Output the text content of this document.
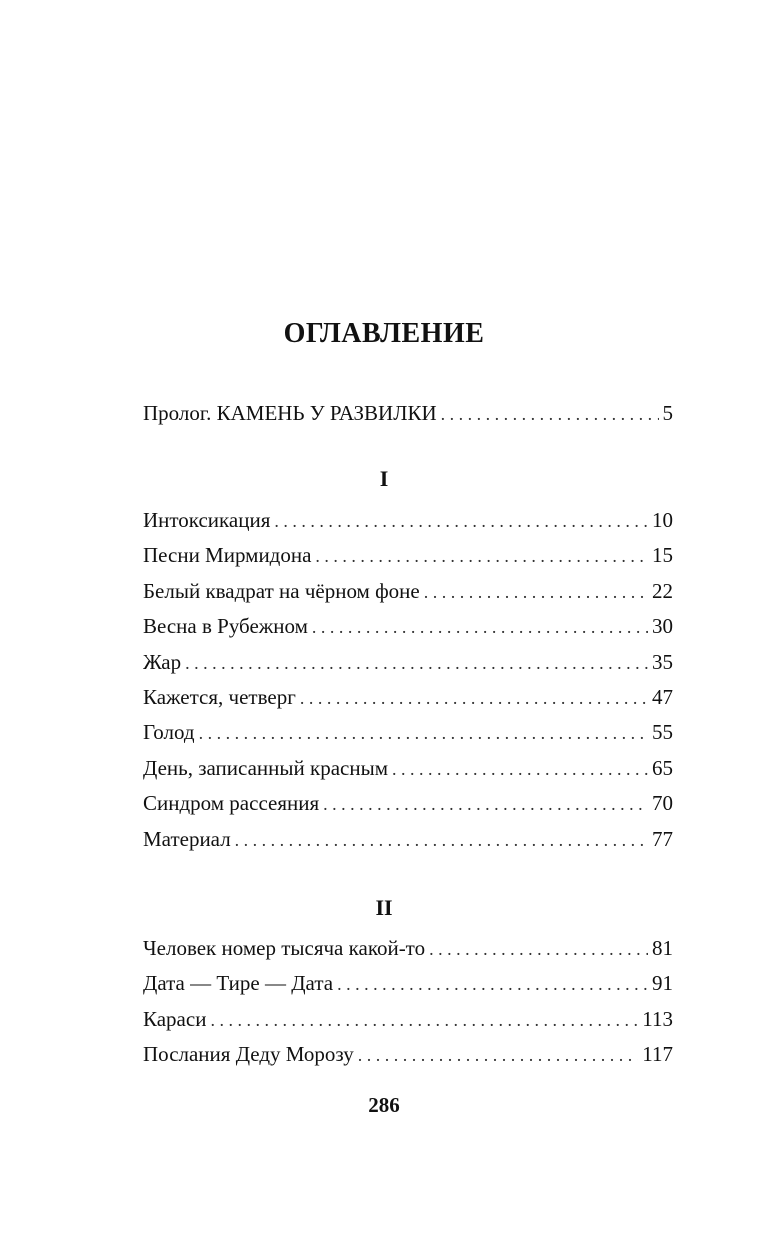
ОГЛАВЛЕНИЕ
Пролог. КАМЕНЬ У РАЗВИЛКИ . . .	5
I
Интоксикация . . .	10
Песни Мирмидона . . .	15
Белый квадрат на чёрном фоне . . .	22
Весна в Рубежном . . .	30
Жар . . .	35
Кажется, четверг . . .	47
Голод . . .	55
День, записанный красным . . .	65
Синдром рассеяния . . .	70
Материал . . .	77
II
Человек номер тысяча какой-то . . .	81
Дата — Тире — Дата . . .	91
Караси . . .	113
Послания Деду Морозу . . .	117
286
